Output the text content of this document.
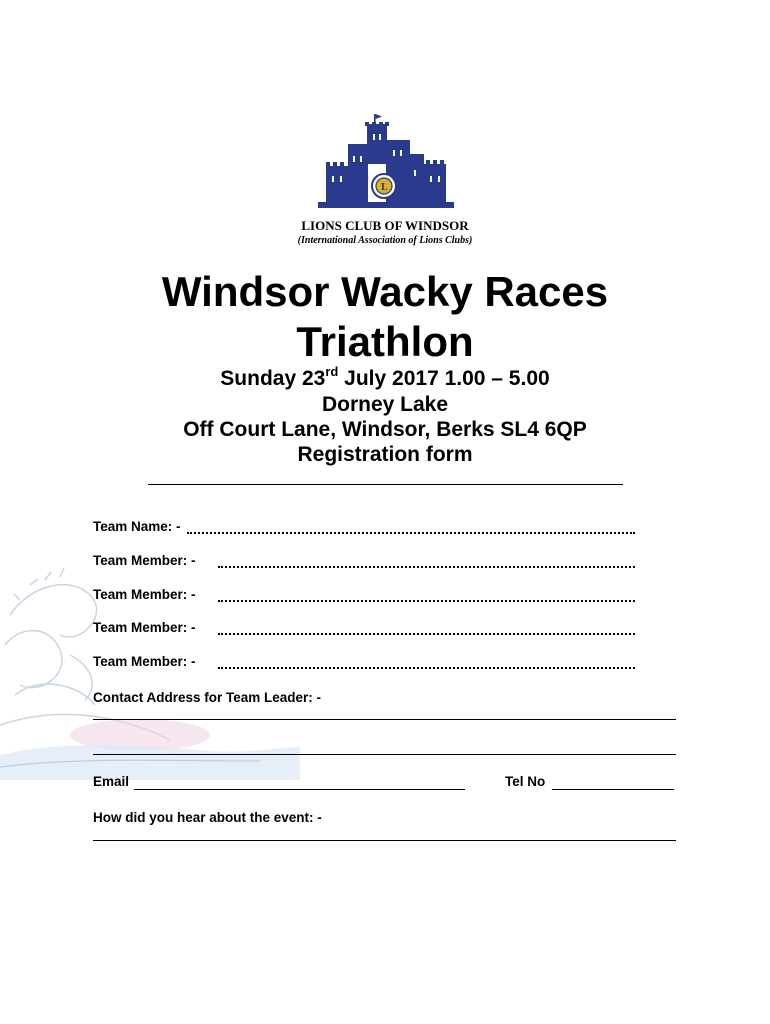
L
LIONS CLUB OF WINDSOR
(International Association of Lions Clubs)
Windsor Wacky Races
Triathlon
Sunday 23rd July 2017 1.00 – 5.00
Dorney Lake
Off Court Lane, Windsor, Berks SL4 6QP
Registration form
Team Name: -
Team Member: -
Team Member: -
Team Member: -
Team Member: -
Contact Address for Team Leader: -
Email	Tel No
How did you hear about the event: -
